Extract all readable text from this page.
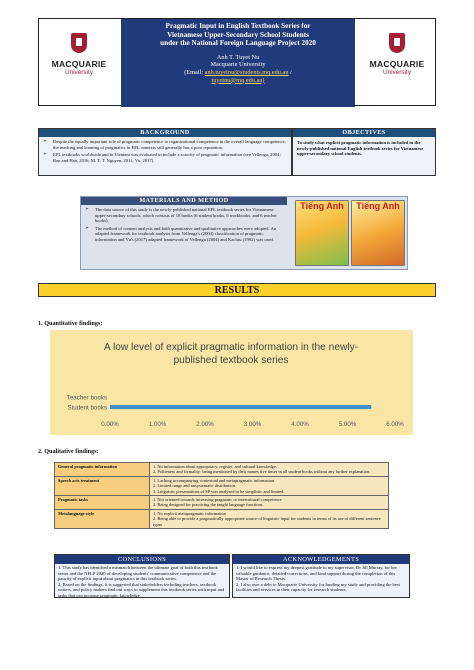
MACQUARIE
University
Pragmatic Input in English Textbook Series for
Vietnamese Upper-Secondary School Students
under the National Foreign Language Project 2020
Anh T. Tuyet Nu
Macquarie University
(Email: anh.tuyetnu@students.mq.edu.au /
tuyetnu@mq.edu.au)
MACQUARIE
University
BACKGROUND
➢ Despite the equally important role of pragmatic competence to organizational competence in the overall language competence, the teaching and learning of pragmatics in EFL contexts still generally has a poor reputation.
➢ EFL textbooks worldwide and in Vietnam was evaluated to include a scarcity of pragmatic information (see Vellenga, 2004; Ren and Han, 2016; M. T. T. Nguyen, 2011; Vu, 2017).
OBJECTIVES
To study what explicit pragmatic information is included in the newly-published national English textbook series for Vietnamese upper-secondary school students.
MATERIALS AND METHOD
➢ The data source of this study is the newly-published national EFL textbook series for Vietnamese upper-secondary schools, which consists of 18 books (6 student books, 6 workbooks, and 6 teacher books).
➢ The method of content analysis and both quantitative and qualitative approaches were adopted. An adapted framework for textbook analysis from Vellenga's (2004) classification of pragmatic information and Vu's (2017) adapted framework of Vellenga (2004) and Kachru (1992) was used.
Tiếng Anh	Tiếng Anh
RESULTS
1. Quantitative findings:
A low level of explicit pragmatic information in the newly-
published textbook series
Teacher books
Student books
0.00%	1.00%	2.00%	3.00%	4.00%	5.00%	6.00%
2. Qualitative findings:
General pragmatic information	1. No information about appropriacy, register, and cultural knowledge.
2. Politeness and formality: being mentioned by their names five times in all student books without any further explanation.

Speech acts treatment	1. Lacking accompanying contextual and metapragmatic information
2. Limited range and unsystematic distribution
3. Linguistic presentations of SP was analysed to be simplistic and limited.

Pragmatic tasks	1. Not oriented towards increasing pragmatic or intercultural competence
2. Being designed for practicing the taught language functions.

Metalanguage style	1. No explicit metapragmatic information
2. Being able to provide a pragmatically appropriate source of linguistic input for students in terms of its use of different sentence types
CONCLUSIONS
1. This study has identified a mismatch between the ultimate goal of both this textbook series and the NFLP 2020 of developing students' communicative competence and the paucity of explicit input about pragmatics in this textbook series.
2. Based on the findings, it is suggested that stakeholders including teachers, textbook writers, and policy makers find out ways to supplement this textbook series with input and tasks that can increase pragmatic knowledge.
ACKNOWLEDGEMENTS
1. I would like to express my deepest gratitude to my supervisor, Dr Jill Murray, for her valuable guidance, detailed corrections, and kind support during the completion of this Master of Research Thesis.
2. I also owe a debt to Macquarie University for funding my study and providing the best facilities and services in their capacity for research students.
